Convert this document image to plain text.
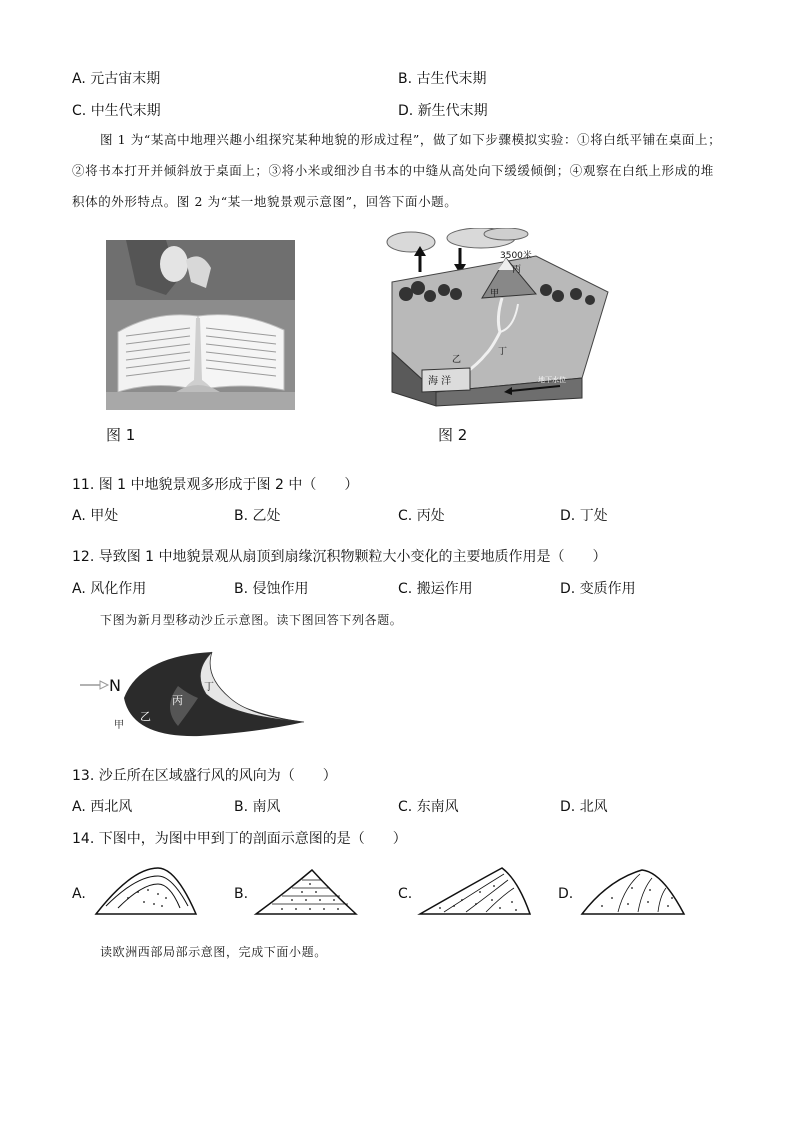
A. 元古宙末期	B. 古生代末期
C. 中生代末期	D. 新生代末期
图 1 为“某高中地理兴趣小组探究某种地貌的形成过程”，做了如下步骤模拟实验：①将白纸平铺在桌面上；②将书本打开并倾斜放于桌面上；③将小米或细沙自书本的中缝从高处向下缓缓倾倒；④观察在白纸上形成的堆积体的外形特点。图 2 为“某一地貌景观示意图”，回答下面小题。
3500米
丙
甲
乙
丁
海 洋	地下水位
图 1	图 2
11. 图 1 中地貌景观多形成于图 2 中（　　）
A. 甲处	B. 乙处	C. 丙处	D. 丁处
12. 导致图 1 中地貌景观从扇顶到扇缘沉积物颗粒大小变化的主要地质作用是（　　）
A. 风化作用	B. 侵蚀作用	C. 搬运作用	D. 变质作用
下图为新月型移动沙丘示意图。读下图回答下列各题。
N
甲
乙
丙
丁
13. 沙丘所在区域盛行风的风向为（　　）
A. 西北风	B. 南风	C. 东南风	D. 北风
14. 下图中，为图中甲到丁的剖面示意图的是（　　）
A.	B.	C.	D.
读欧洲西部局部示意图，完成下面小题。
